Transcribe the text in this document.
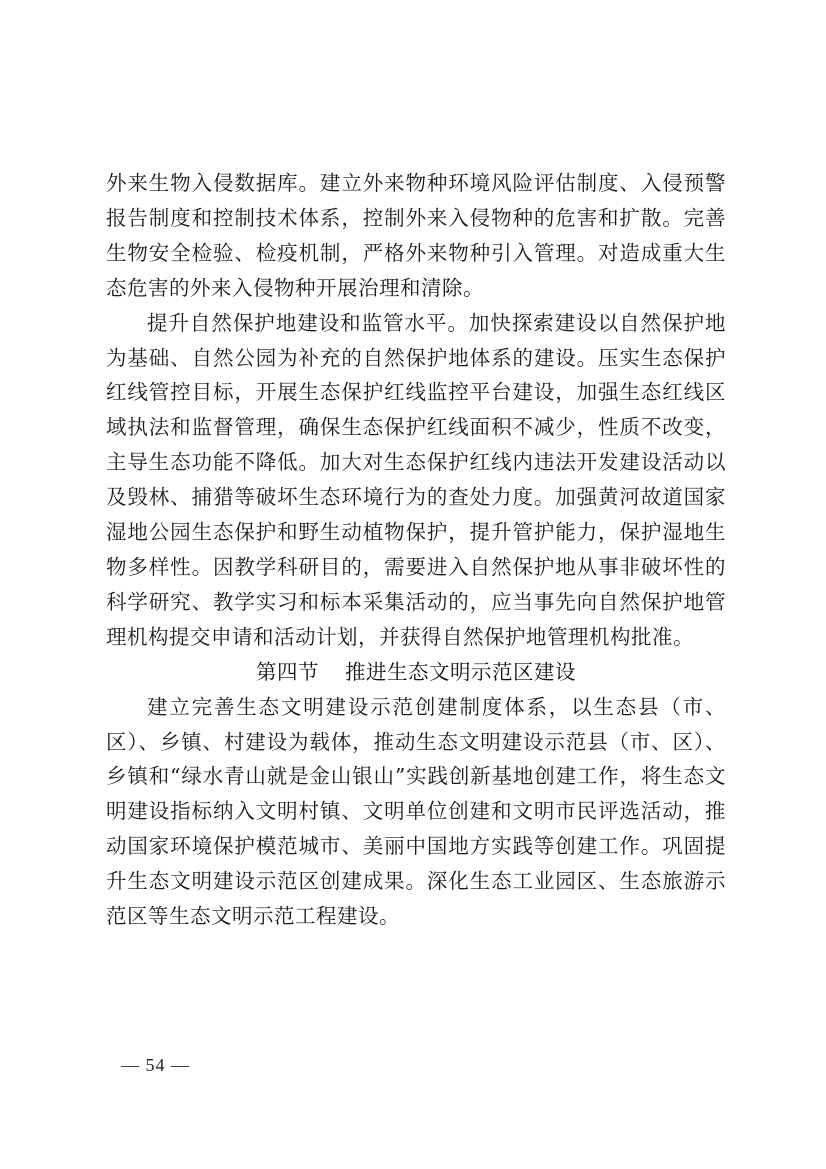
外来生物入侵数据库。建立外来物种环境风险评估制度、入侵预警报告制度和控制技术体系，控制外来入侵物种的危害和扩散。完善生物安全检验、检疫机制，严格外来物种引入管理。对造成重大生态危害的外来入侵物种开展治理和清除。

提升自然保护地建设和监管水平。加快探索建设以自然保护地为基础、自然公园为补充的自然保护地体系的建设。压实生态保护红线管控目标，开展生态保护红线监控平台建设，加强生态红线区域执法和监督管理，确保生态保护红线面积不减少，性质不改变，主导生态功能不降低。加大对生态保护红线内违法开发建设活动以及毁林、捕猎等破坏生态环境行为的查处力度。加强黄河故道国家湿地公园生态保护和野生动植物保护，提升管护能力，保护湿地生物多样性。因教学科研目的，需要进入自然保护地从事非破坏性的科学研究、教学实习和标本采集活动的，应当事先向自然保护地管理机构提交申请和活动计划，并获得自然保护地管理机构批准。

第四节 推进生态文明示范区建设

建立完善生态文明建设示范创建制度体系，以生态县（市、区）、乡镇、村建设为载体，推动生态文明建设示范县（市、区）、乡镇和“绿水青山就是金山银山”实践创新基地创建工作，将生态文明建设指标纳入文明村镇、文明单位创建和文明市民评选活动，推动国家环境保护模范城市、美丽中国地方实践等创建工作。巩固提升生态文明建设示范区创建成果。深化生态工业园区、生态旅游示范区等生态文明示范工程建设。

— 54 —
